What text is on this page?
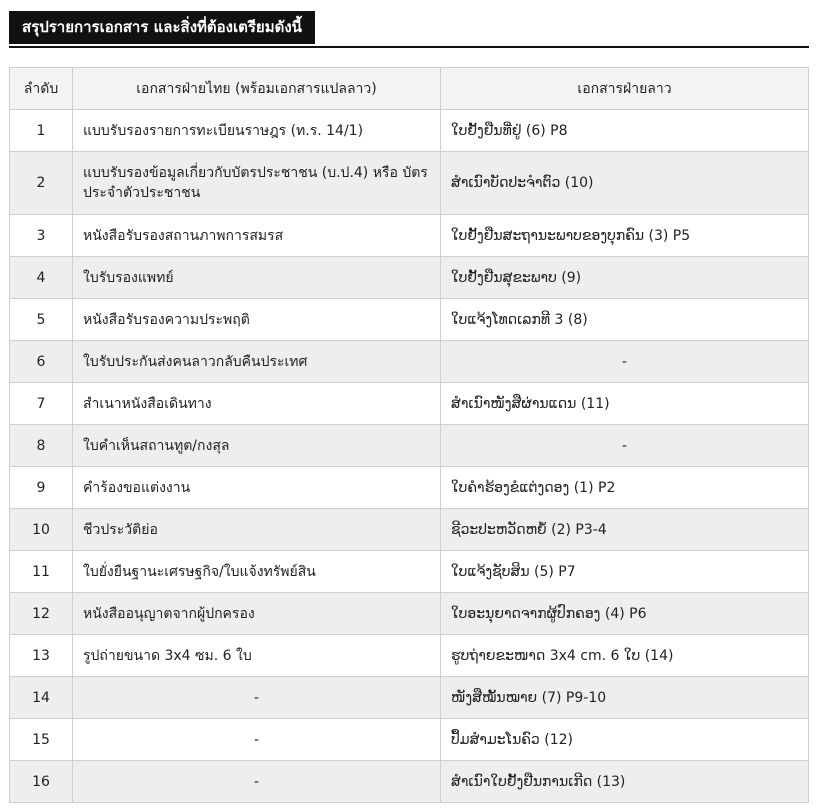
สรุปรายการเอกสาร และสิ่งที่ต้องเตรียมดังนี้
ลำดับ	เอกสารฝ่ายไทย (พร้อมเอกสารแปลลาว)	เอกสารฝ่ายลาว
1	แบบรับรองรายการทะเบียนราษฎร (ท.ร. 14/1)	ໃບຢັ້ງຢືນທີ່ຢູ່ (6) P8
2	แบบรับรองข้อมูลเกี่ยวกับบัตรประชาชน (บ.ป.4) หรือ บัตรประจำตัวประชาชน	ສຳເນົາບັດປະຈຳຕົວ (10)
3	หนังสือรับรองสถานภาพการสมรส	ໃບຢັ້ງຢືນສະຖານະພາບຂອງບຸກຄົນ (3) P5
4	ใบรับรองแพทย์	ໃບຢັ້ງຢືນສຸຂະພາບ (9)
5	หนังสือรับรองความประพฤติ	ໃບແຈ້ງໂທດເລກທີ 3 (8)
6	ใบรับประกันส่งคนลาวกลับคืนประเทศ	-
7	สำเนาหนังสือเดินทาง	ສຳເນົາໜັງສືຜ່ານແດນ (11)
8	ใบคำเห็นสถานทูต/กงสุล	-
9	คำร้องขอแต่งงาน	ໃບຄຳຮ້ອງຂໍແຕ່ງດອງ (1) P2
10	ชีวประวัติย่อ	ຊີວະປະຫວັດຫຍໍ້ (2) P3-4
11	ใบยั่งยืนฐานะเศรษฐกิจ/ใบแจ้งทรัพย์สิน	ໃບແຈ້ງຊັບສິນ (5) P7
12	หนังสืออนุญาตจากผู้ปกครอง	ໃບອະນຸຍາດຈາກຜູ້ປົກຄອງ (4) P6
13	รูปถ่ายขนาด 3x4 ซม. 6 ใบ	ຮູບຖ່າຍຂະໜາດ 3x4 cm. 6 ໃບ (14)
14	-	ໜັງສືໝັ້ນໝາຍ (7) P9-10
15	-	ປຶ້ມສຳມະໂນຄົວ (12)
16	-	ສຳເນົາໃບຢັ້ງຢືນການເກີດ (13)
